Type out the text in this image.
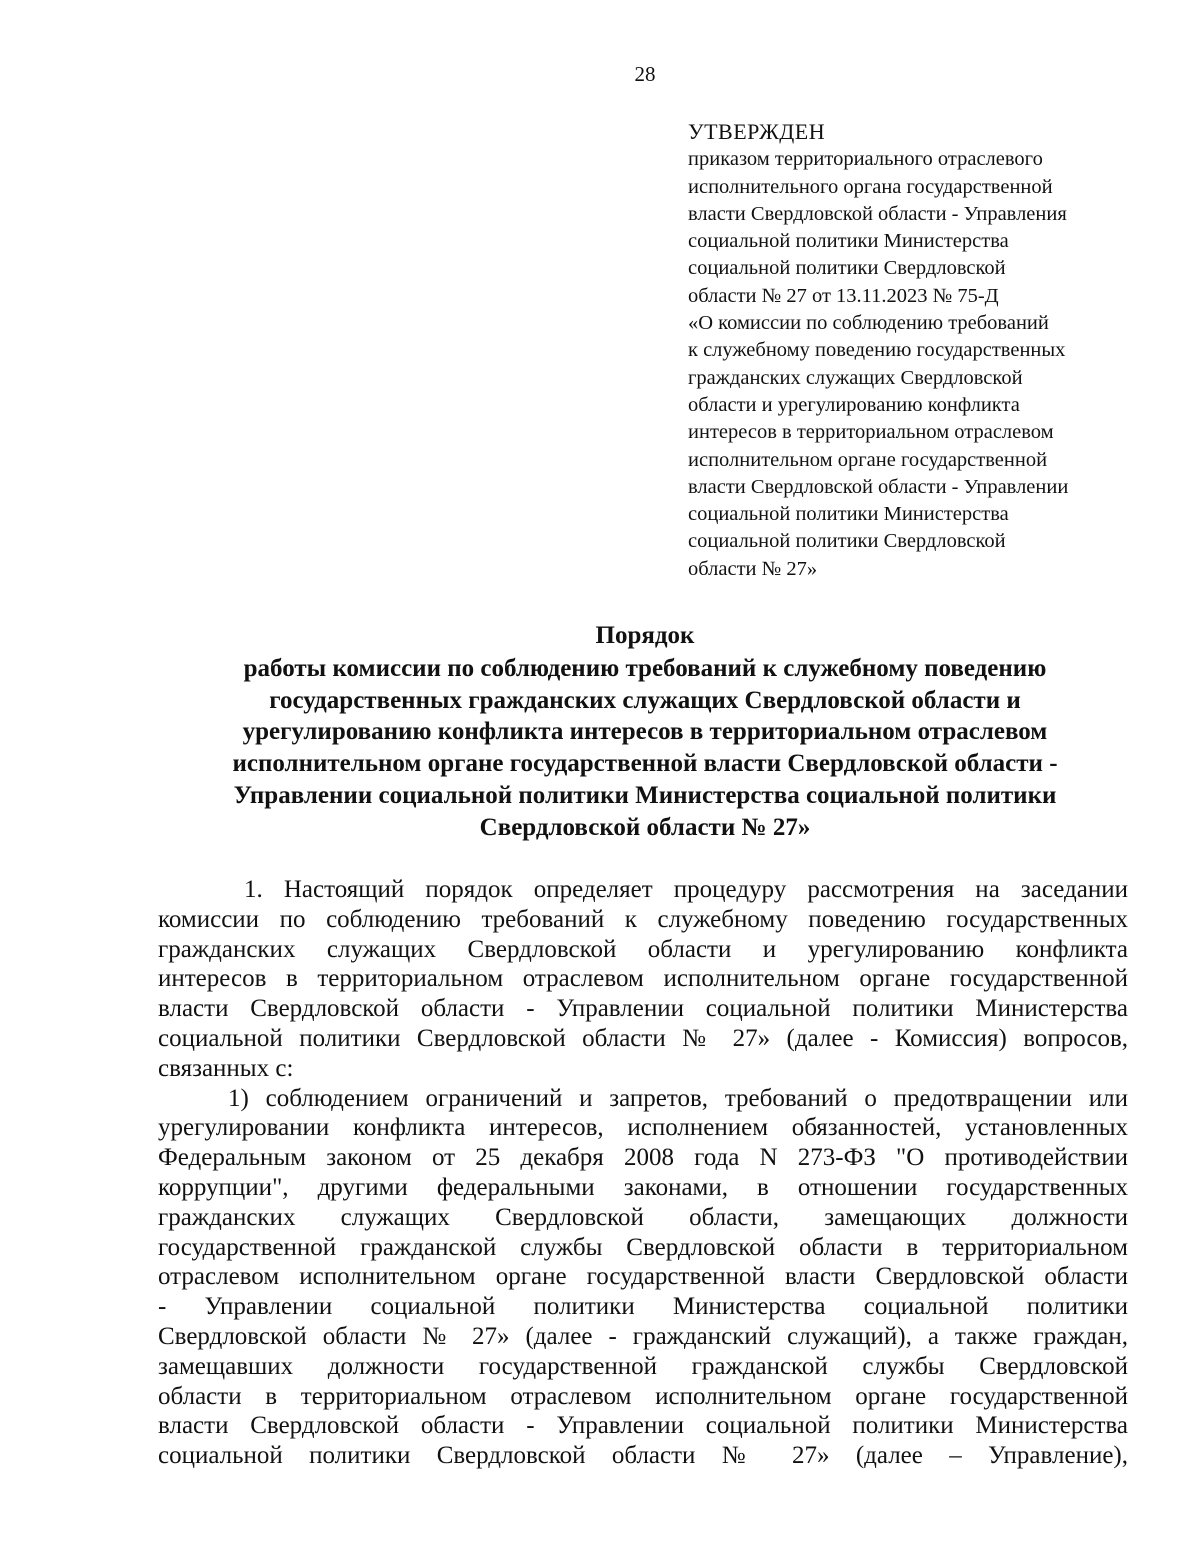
28
УТВЕРЖДЕН
приказом территориального отраслевого
исполнительного органа государственной
власти Свердловской области - Управления
социальной политики Министерства
социальной политики Свердловской
области № 27 от 13.11.2023 № 75-Д
«О комиссии по соблюдению требований
к служебному поведению государственных
гражданских служащих Свердловской
области и урегулированию конфликта
интересов в территориальном отраслевом
исполнительном органе государственной
власти Свердловской области - Управлении
социальной политики Министерства
социальной политики Свердловской
области № 27»
Порядок
работы комиссии по соблюдению требований к служебному поведению
государственных гражданских служащих Свердловской области и
урегулированию конфликта интересов в территориальном отраслевом
исполнительном органе государственной власти Свердловской области -
Управлении социальной политики Министерства социальной политики
Свердловской области № 27»
1. Настоящий порядок определяет процедуру рассмотрения на заседании
комиссии по соблюдению требований к служебному поведению государственных
гражданских служащих Свердловской области и урегулированию конфликта
интересов в территориальном отраслевом исполнительном органе государственной
власти Свердловской области - Управлении социальной политики Министерства
социальной политики Свердловской области № 27» (далее - Комиссия) вопросов,
связанных с:
1) соблюдением ограничений и запретов, требований о предотвращении или
урегулировании конфликта интересов, исполнением обязанностей, установленных
Федеральным законом от 25 декабря 2008 года N 273-ФЗ "О противодействии
коррупции", другими федеральными законами, в отношении государственных
гражданских служащих Свердловской области, замещающих должности
государственной гражданской службы Свердловской области в территориальном
отраслевом исполнительном органе государственной власти Свердловской области
- Управлении социальной политики Министерства социальной политики
Свердловской области № 27» (далее - гражданский служащий), а также граждан,
замещавших должности государственной гражданской службы Свердловской
области в территориальном отраслевом исполнительном органе государственной
власти Свердловской области - Управлении социальной политики Министерства
социальной политики Свердловской области № 27» (далее – Управление),
